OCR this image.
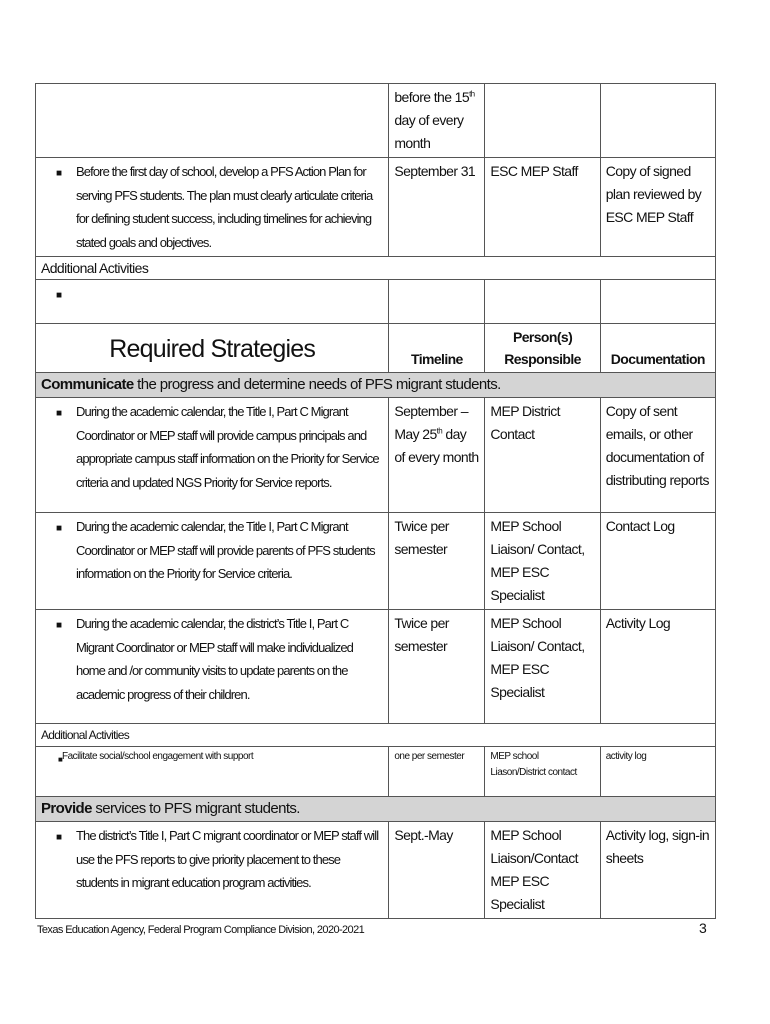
	before the 15th day of every month		

■ Before the first day of school, develop a PFS Action Plan for serving PFS students. The plan must clearly articulate criteria for defining student success, including timelines for achieving stated goals and objectives.	September 31	ESC MEP Staff	Copy of signed plan reviewed by ESC MEP Staff
Additional Activities			

■			

Required Strategies	Timeline	Person(s) Responsible	Documentation
Communicate the progress and determine needs of PFS migrant students.			

■ During the academic calendar, the Title I, Part C Migrant Coordinator or MEP staff will provide campus principals and appropriate campus staff information on the Priority for Service criteria and updated NGS Priority for Service reports.	September –May 25th day of every month	MEP District Contact	Copy of sent emails, or other documentation of distributing reports

■ During the academic calendar, the Title I, Part C Migrant Coordinator or MEP staff will provide parents of PFS students information on the Priority for Service criteria.	Twice per semester	MEP School Liaison/ Contact, MEP ESC Specialist	Contact Log

■ During the academic calendar, the district’s Title I, Part C Migrant Coordinator or MEP staff will make individualized home and /or community visits to update parents on the academic progress of their children.	Twice per semester	MEP School Liaison/ Contact, MEP ESC Specialist	Activity Log
Additional Activities			

■ Facilitate social/school engagement with support	one per semester	MEP school Liason/District contact	activity log
Provide services to PFS migrant students.			

■ The district’s Title I, Part C migrant coordinator or MEP staff will use the PFS reports to give priority placement to these students in migrant education program activities.	Sept.-May	MEP School Liaison/Contact MEP ESC Specialist	Activity log, sign-in sheets
Texas Education Agency, Federal Program Compliance Division, 2020-2021	3
